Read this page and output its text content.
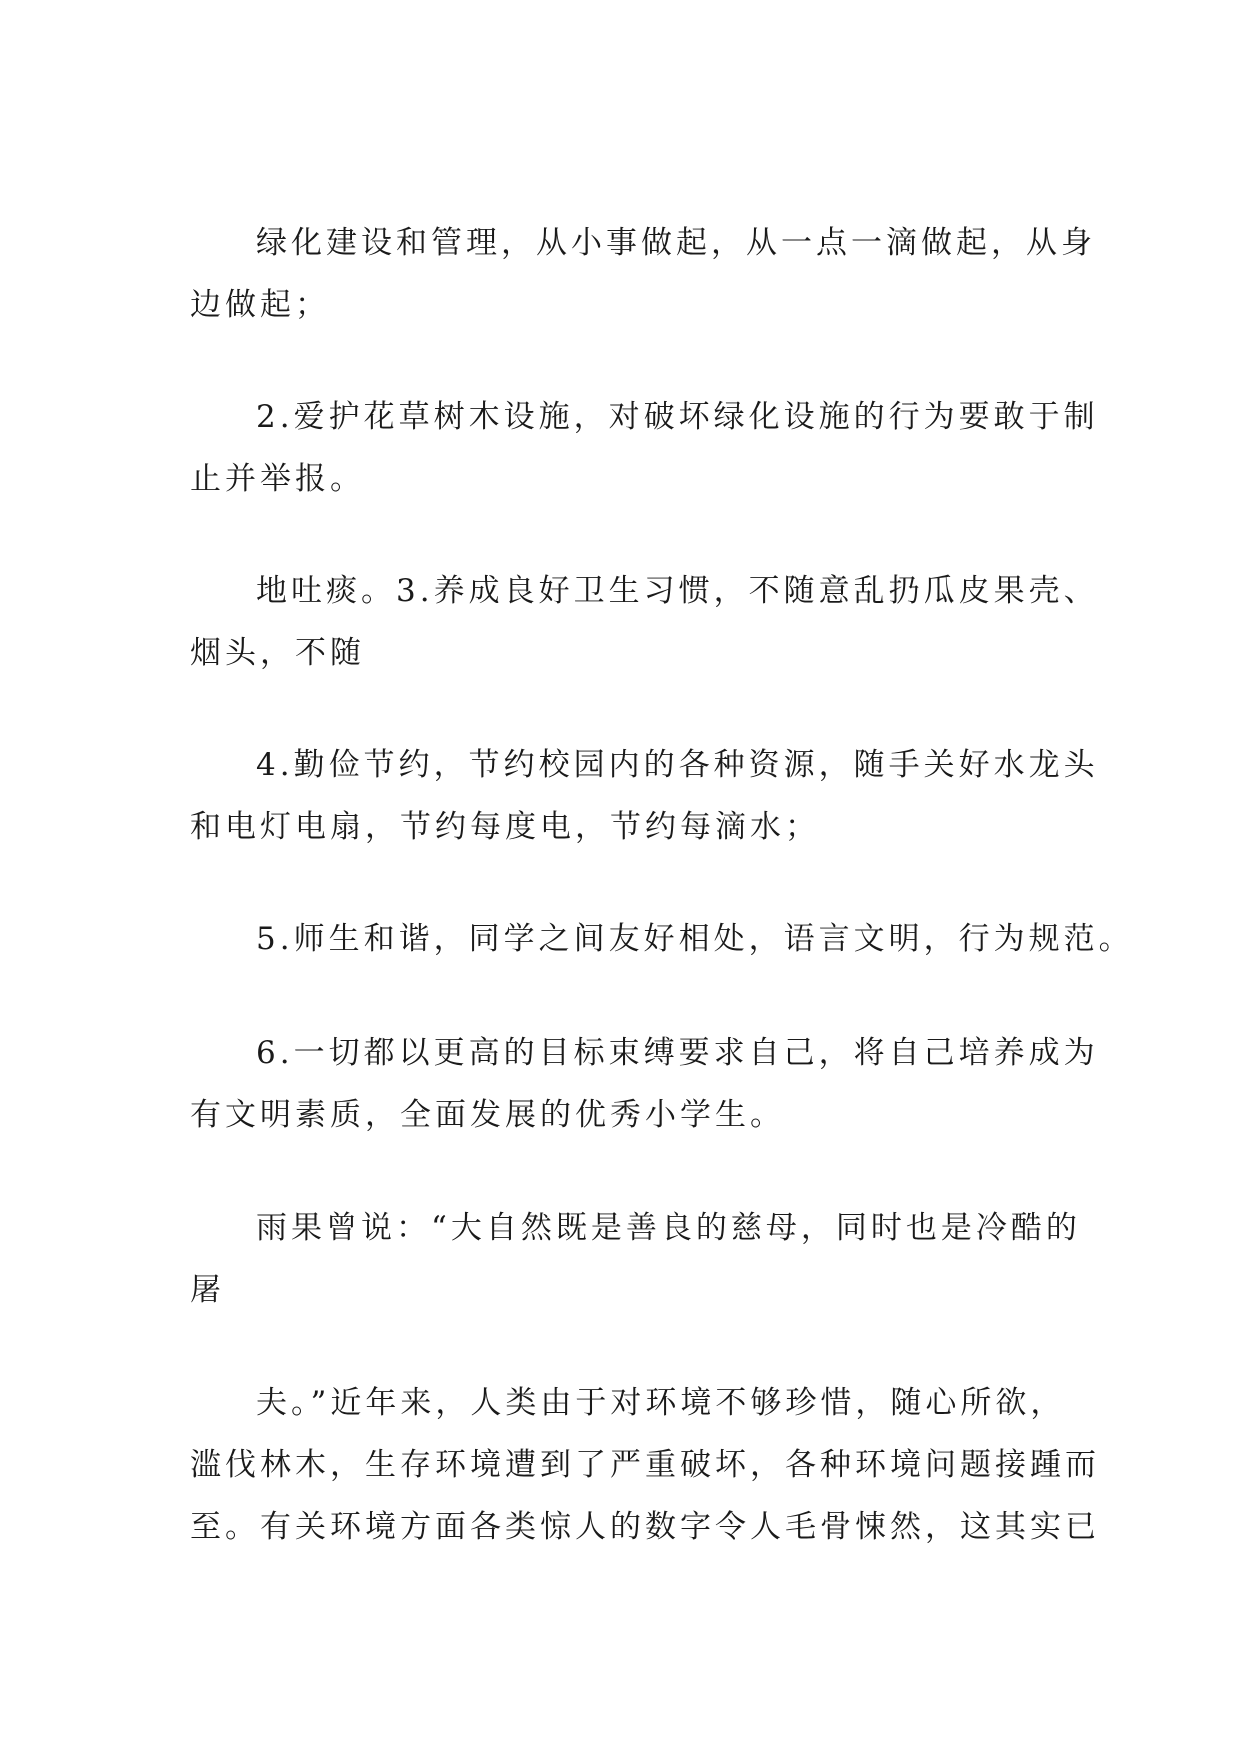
绿化建设和管理，从小事做起，从一点一滴做起，从身
边做起；

2.爱护花草树木设施，对破坏绿化设施的行为要敢于制
止并举报。

地吐痰。3.养成良好卫生习惯，不随意乱扔瓜皮果壳、
烟头，不随

4.勤俭节约，节约校园内的各种资源，随手关好水龙头
和电灯电扇，节约每度电，节约每滴水；

5.师生和谐，同学之间友好相处，语言文明，行为规范。

6.一切都以更高的目标束缚要求自己，将自己培养成为
有文明素质，全面发展的优秀小学生。

雨果曾说：“大自然既是善良的慈母，同时也是冷酷的
屠

夫。”近年来，人类由于对环境不够珍惜，随心所欲，
滥伐林木，生存环境遭到了严重破坏，各种环境问题接踵而
至。有关环境方面各类惊人的数字令人毛骨悚然，这其实已
